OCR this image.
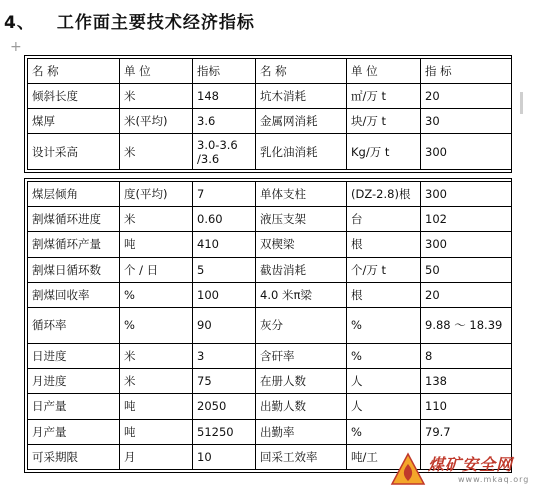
4、 工作面主要技术经济指标
+
名 称	单 位	指标	名 称	单 位	指 标
倾斜长度	米	148	坑木消耗	㎡/万 t	20
煤厚	米(平均)	3.6	金属网消耗	块/万 t	30
设计采高	米	3.0-3.6 /3.6	乳化油消耗	Kg/万 t	300
煤层倾角	度(平均)	7	单体支柱	(DZ-2.8)根	300
割煤循环进度	米	0.60	液压支架	台	102
割煤循环产量	吨	410	双楔梁	根	300
割煤日循环数	个 / 日	5	截齿消耗	个/万 t	50
割煤回收率	%	100	4.0 米π梁	根	20
循环率	%	90	灰分	%	9.88 ～ 18.39
日进度	米	3	含矸率	%	8
月进度	米	75	在册人数	人	138
日产量	吨	2050	出勤人数	人	110
月产量	吨	51250	出勤率	%	79.7
可采期限	月	10	回采工效率	吨/工		煤矿安全网
www.mkaq.org
